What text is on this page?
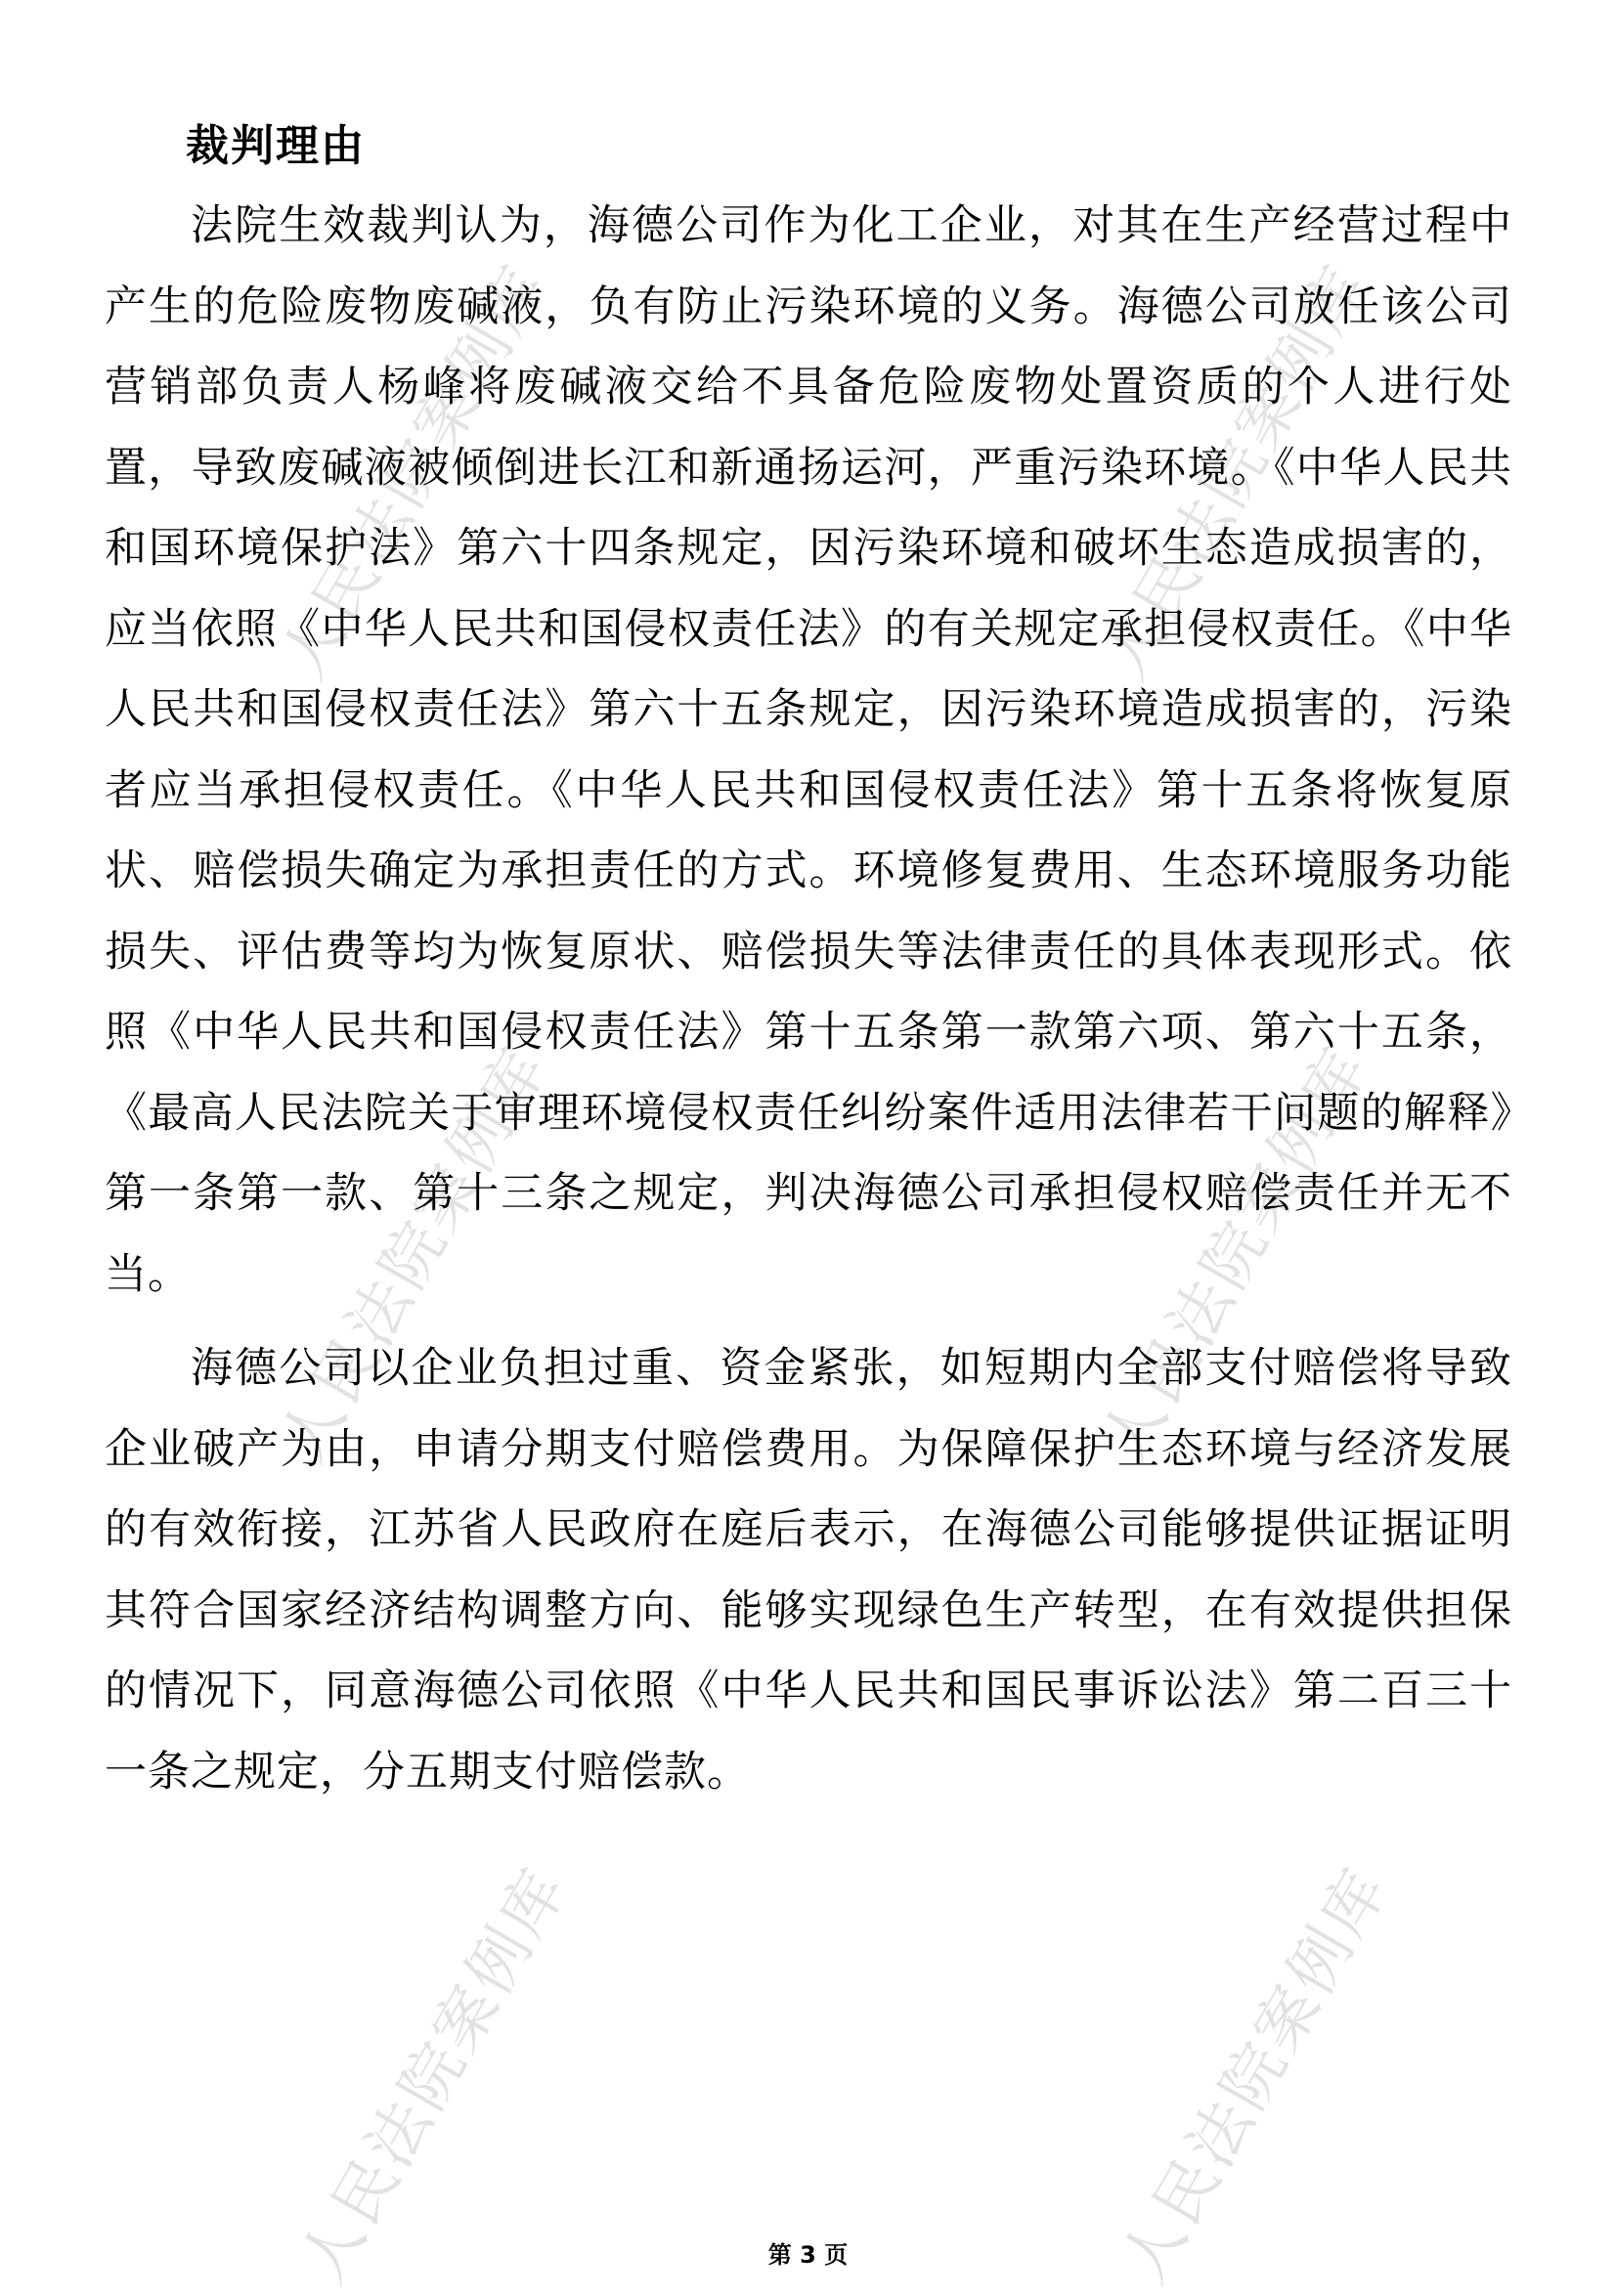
人民法院案例库	人民法院案例库
人民法院案例库	人民法院案例库
人民法院案例库	人民法院案例库
裁判理由

法院生效裁判认为，海德公司作为化工企业，对其在生产经营过程中产生的危险废物废碱液，负有防止污染环境的义务。海德公司放任该公司营销部负责人杨峰将废碱液交给不具备危险废物处置资质的个人进行处置，导致废碱液被倾倒进长江和新通扬运河，严重污染环境。《中华人民共和国环境保护法》第六十四条规定，因污染环境和破坏生态造成损害的，应当依照《中华人民共和国侵权责任法》的有关规定承担侵权责任。《中华人民共和国侵权责任法》第六十五条规定，因污染环境造成损害的，污染者应当承担侵权责任。《中华人民共和国侵权责任法》第十五条将恢复原状、赔偿损失确定为承担责任的方式。环境修复费用、生态环境服务功能损失、评估费等均为恢复原状、赔偿损失等法律责任的具体表现形式。依照《中华人民共和国侵权责任法》第十五条第一款第六项、第六十五条，《最高人民法院关于审理环境侵权责任纠纷案件适用法律若干问题的解释》第一条第一款、第十三条之规定，判决海德公司承担侵权赔偿责任并无不当。

海德公司以企业负担过重、资金紧张，如短期内全部支付赔偿将导致企业破产为由，申请分期支付赔偿费用。为保障保护生态环境与经济发展的有效衔接，江苏省人民政府在庭后表示，在海德公司能够提供证据证明其符合国家经济结构调整方向、能够实现绿色生产转型，在有效提供担保的情况下，同意海德公司依照《中华人民共和国民事诉讼法》第二百三十一条之规定，分五期支付赔偿款。

第 3 页
